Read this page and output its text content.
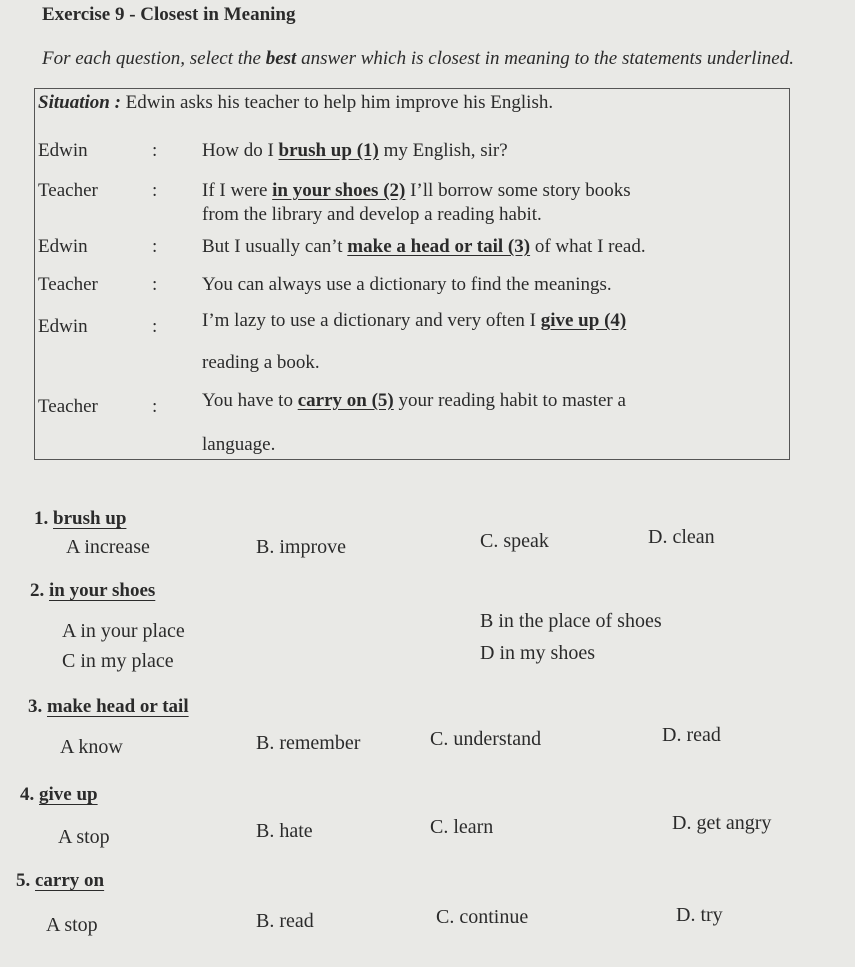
Exercise 9 - Closest in Meaning
For each question, select the best answer which is closest in meaning to the statements underlined.
Situation : Edwin asks his teacher to help him improve his English.
Edwin	: How do I brush up (1) my English, sir?
Teacher	: If I were in your shoes (2) I’ll borrow some story books
from the library and develop a reading habit.
Edwin	: But I usually can’t make a head or tail (3) of what I read.
Teacher	: You can always use a dictionary to find the meanings.
Edwin	: I’m lazy to use a dictionary and very often I give up (4)
reading a book.
Teacher	: You have to carry on (5) your reading habit to master a
language.
1. brush up
A increase	B. improve	C. speak	D. clean
2. in your shoes
A in your place	B in the place of shoes
C in my place	D in my shoes
3. make head or tail
A know	B. remember	C. understand	D. read
4. give up
A stop	B. hate	C. learn	D. get angry
5. carry on
A stop	B. read	C. continue	D. try
